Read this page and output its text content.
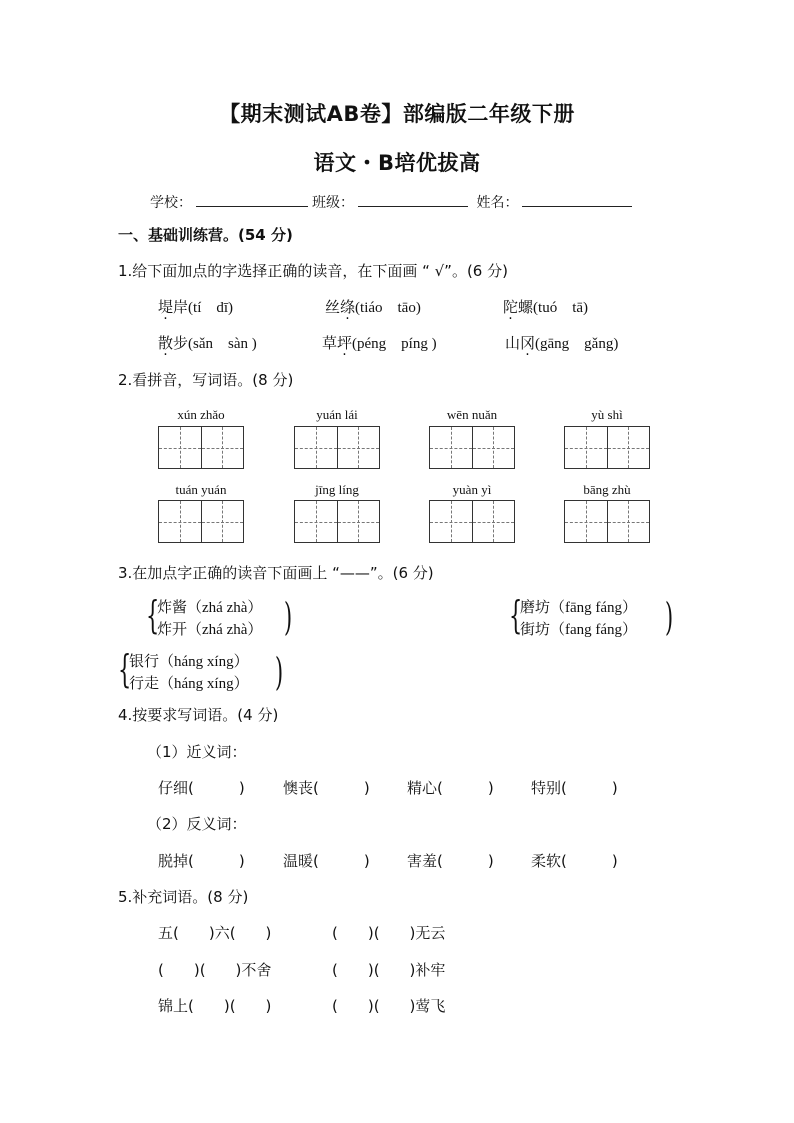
【期末测试AB卷】部编版二年级下册
语文・B培优拔高
学校：	班级：	姓名：
一、基础训练营。(54 分)
1.给下面加点的字选择正确的读音，在下面画 “ √”。(6 分)
堤岸(tí　dī)	丝绦(tiáo　tāo)	陀螺(tuó　tā)
散步(sǎn　sàn )	草坪(péng　píng )	山冈(gāng　gǎng)
2.看拼音，写词语。(8 分)
xún zhǎo	yuán lái	wēn nuǎn	yù shì
tuán yuán	jīng líng	yuàn yì	bāng zhù
3.在加点字正确的读音下面画上 “——”。(6 分)
{
炸酱（zhá zhà）
炸开（zhá zhà） )	{
磨坊（fāng fáng）
街坊（fang fáng） )
{
银行（háng xíng）
行走（háng xíng） )
4.按要求写词语。(4 分)
（1）近义词：
仔细(　　　)	懊丧(　　　) 精心(　　　) 特别(　　　)
（2）反义词：
脱掉(　　　)	温暖(　　　) 害羞(　　　) 柔软(　　　)
5.补充词语。(8 分)
五(　　)六(　　)	(　　)(　　)无云
(　　)(　　)不舍	(　　)(　　)补牢
锦上(　　)(　　)	(　　)(　　)莺飞
